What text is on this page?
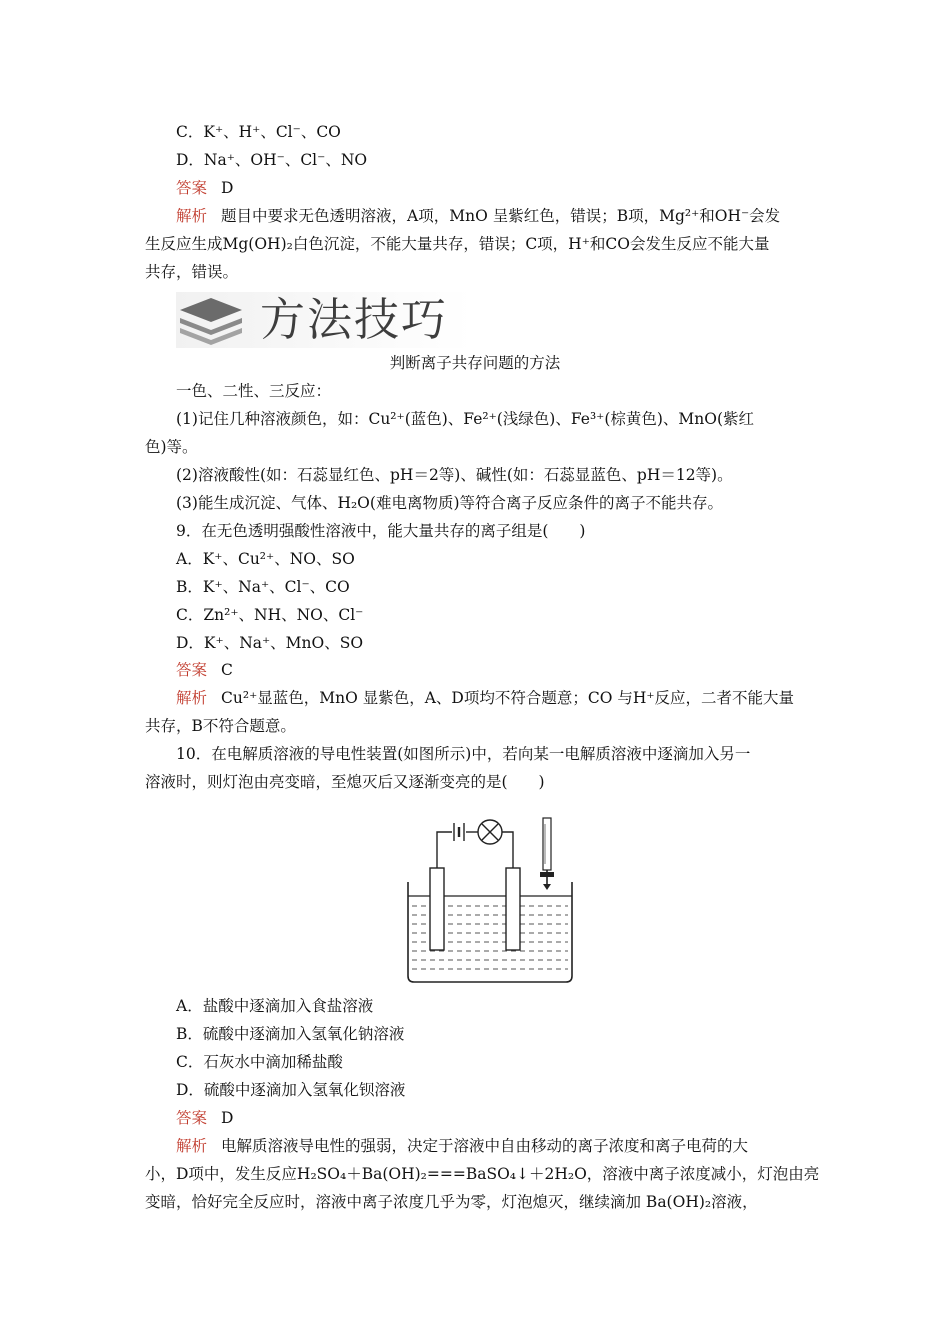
C．K⁺、H⁺、Cl⁻、CO
D．Na⁺、OH⁻、Cl⁻、NO
答案 D
解析 题目中要求无色透明溶液，A项，MnO 呈紫红色，错误；B项，Mg²⁺和OH⁻会发
生反应生成Mg(OH)₂白色沉淀，不能大量共存，错误；C项，H⁺和CO会发生反应不能大量
共存，错误。
方法技巧
判断离子共存问题的方法
一色、二性、三反应：
(1)记住几种溶液颜色，如：Cu²⁺(蓝色)、Fe²⁺(浅绿色)、Fe³⁺(棕黄色)、MnO(紫红
色)等。
(2)溶液酸性(如：石蕊显红色、pH＝2等)、碱性(如：石蕊显蓝色、pH＝12等)。
(3)能生成沉淀、气体、H₂O(难电离物质)等符合离子反应条件的离子不能共存。
9．在无色透明强酸性溶液中，能大量共存的离子组是(　　)
A．K⁺、Cu²⁺、NO、SO
B．K⁺、Na⁺、Cl⁻、CO
C．Zn²⁺、NH、NO、Cl⁻
D．K⁺、Na⁺、MnO、SO
答案 C
解析 Cu²⁺显蓝色，MnO 显紫色，A、D项均不符合题意；CO 与H⁺反应，二者不能大量
共存，B不符合题意。
10．在电解质溶液的导电性装置(如图所示)中，若向某一电解质溶液中逐滴加入另一
溶液时，则灯泡由亮变暗，至熄灭后又逐渐变亮的是(　　)
A．盐酸中逐滴加入食盐溶液
B．硫酸中逐滴加入氢氧化钠溶液
C．石灰水中滴加稀盐酸
D．硫酸中逐滴加入氢氧化钡溶液
答案 D
解析 电解质溶液导电性的强弱，决定于溶液中自由移动的离子浓度和离子电荷的大
小，D项中，发生反应H₂SO₄＋Ba(OH)₂===BaSO₄↓＋2H₂O，溶液中离子浓度减小，灯泡由亮
变暗，恰好完全反应时，溶液中离子浓度几乎为零，灯泡熄灭，继续滴加 Ba(OH)₂溶液，
